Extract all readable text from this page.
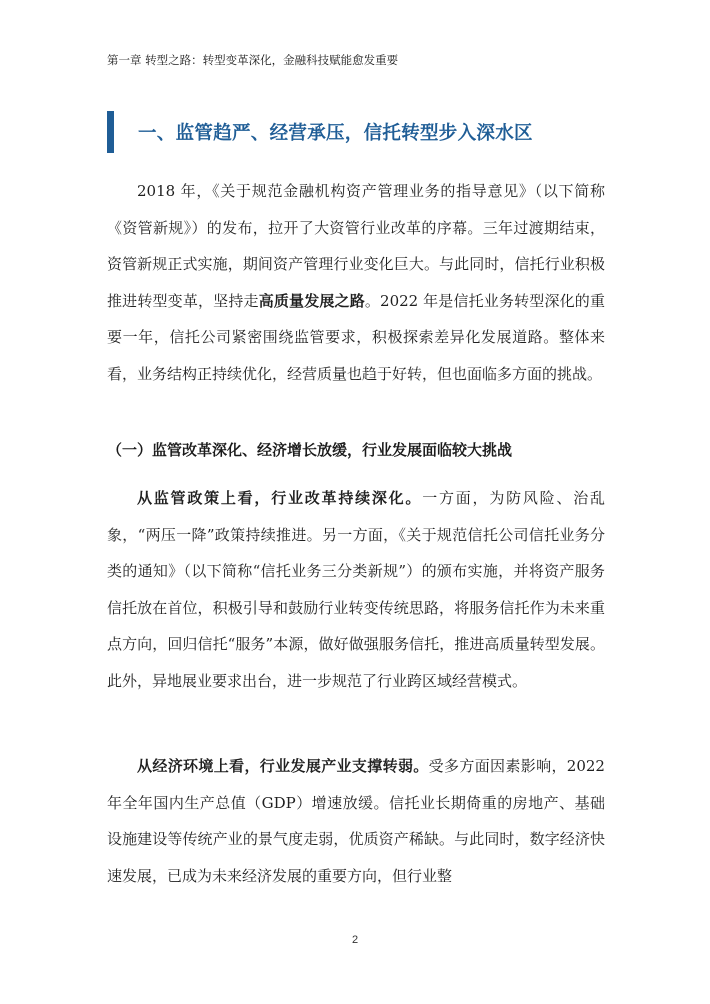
第一章 转型之路：转型变革深化，金融科技赋能愈发重要
一、监管趋严、经营承压，信托转型步入深水区

2018 年，《关于规范金融机构资产管理业务的指导意见》（以下简称《资管新规》）的发布，拉开了大资管行业改革的序幕。三年过渡期结束，资管新规正式实施，期间资产管理行业变化巨大。与此同时，信托行业积极推进转型变革，坚持走高质量发展之路。2022 年是信托业务转型深化的重要一年，信托公司紧密围绕监管要求，积极探索差异化发展道路。整体来看，业务结构正持续优化，经营质量也趋于好转，但也面临多方面的挑战。

（一）监管改革深化、经济增长放缓，行业发展面临较大挑战

从监管政策上看，行业改革持续深化。一方面，为防风险、治乱象，“两压一降”政策持续推进。另一方面，《关于规范信托公司信托业务分类的通知》（以下简称“信托业务三分类新规”）的颁布实施，并将资产服务信托放在首位，积极引导和鼓励行业转变传统思路，将服务信托作为未来重点方向，回归信托“服务”本源，做好做强服务信托，推进高质量转型发展。此外，异地展业要求出台，进一步规范了行业跨区域经营模式。

从经济环境上看，行业发展产业支撑转弱。受多方面因素影响，2022 年全年国内生产总值（GDP）增速放缓。信托业长期倚重的房地产、基础设施建设等传统产业的景气度走弱，优质资产稀缺。与此同时，数字经济快速发展，已成为未来经济发展的重要方向，但行业整

2
